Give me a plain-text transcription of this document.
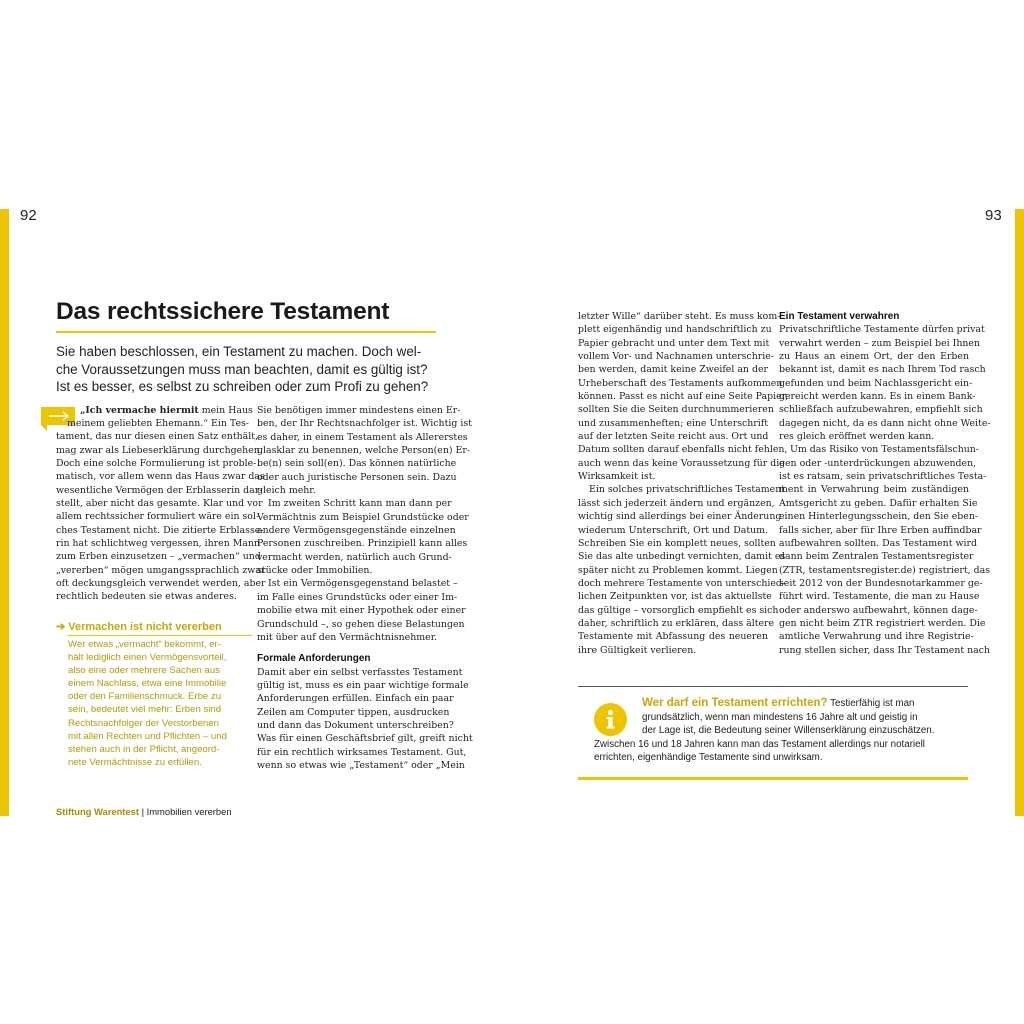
92	93
Das rechtssichere Testament
Sie haben beschlossen, ein Testament zu machen. Doch wel-
che Voraussetzungen muss man beachten, damit es gültig ist?
Ist es besser, es selbst zu schreiben oder zum Profi zu gehen?
„Ich vermache hiermit mein Haus
meinem geliebten Ehemann.“ Ein Tes-
tament, das nur diesen einen Satz enthält,
mag zwar als Liebeserklärung durchgehen.
Doch eine solche Formulierung ist proble-
matisch, vor allem wenn das Haus zwar das
wesentliche Vermögen der Erblasserin dar-
stellt, aber nicht das gesamte. Klar und vor
allem rechtssicher formuliert wäre ein sol-
ches Testament nicht. Die zitierte Erblasse-
rin hat schlichtweg vergessen, ihren Mann
zum Erben einzusetzen – „vermachen“ und
„vererben“ mögen umgangssprachlich zwar
oft deckungsgleich verwendet werden, aber
rechtlich bedeuten sie etwas anderes.
➔ Vermachen ist nicht vererben
Wer etwas „vermacht“ bekommt, er-
hält lediglich einen Vermögensvorteil,
also eine oder mehrere Sachen aus
einem Nachlass, etwa eine Immobilie
oder den Familienschmuck. Erbe zu
sein, bedeutet viel mehr: Erben sind
Rechtsnachfolger der Verstorbenen
mit allen Rechten und Pflichten – und
stehen auch in der Pflicht, angeord-
nete Vermächtnisse zu erfüllen.
Sie benötigen immer mindestens einen Er-
ben, der Ihr Rechtsnachfolger ist. Wichtig ist
es daher, in einem Testament als Allererstes
glasklar zu benennen, welche Person(en) Er-
be(n) sein soll(en). Das können natürliche
oder auch juristische Personen sein. Dazu
gleich mehr.
Im zweiten Schritt kann man dann per
Vermächtnis zum Beispiel Grundstücke oder
andere Vermögensgegenstände einzelnen
Personen zuschreiben. Prinzipiell kann alles
vermacht werden, natürlich auch Grund-
stücke oder Immobilien.
Ist ein Vermögensgegenstand belastet –
im Falle eines Grundstücks oder einer Im-
mobilie etwa mit einer Hypothek oder einer
Grundschuld –, so gehen diese Belastungen
mit über auf den Vermächtnisnehmer.
Formale Anforderungen
Damit aber ein selbst verfasstes Testament
gültig ist, muss es ein paar wichtige formale
Anforderungen erfüllen. Einfach ein paar
Zeilen am Computer tippen, ausdrucken
und dann das Dokument unterschreiben?
Was für einen Geschäftsbrief gilt, greift nicht
für ein rechtlich wirksames Testament. Gut,
wenn so etwas wie „Testament“ oder „Mein
letzter Wille“ darüber steht. Es muss kom-
plett eigenhändig und handschriftlich zu
Papier gebracht und unter dem Text mit
vollem Vor- und Nachnamen unterschrie-
ben werden, damit keine Zweifel an der
Urheberschaft des Testaments aufkommen
können. Passt es nicht auf eine Seite Papier,
sollten Sie die Seiten durchnummerieren
und zusammenheften; eine Unterschrift
auf der letzten Seite reicht aus. Ort und
Datum sollten darauf ebenfalls nicht fehlen,
auch wenn das keine Voraussetzung für die
Wirksamkeit ist.
Ein solches privatschriftliches Testament
lässt sich jederzeit ändern und ergänzen,
wichtig sind allerdings bei einer Änderung
wiederum Unterschrift, Ort und Datum.
Schreiben Sie ein komplett neues, sollten
Sie das alte unbedingt vernichten, damit es
später nicht zu Problemen kommt. Liegen
doch mehrere Testamente von unterschied-
lichen Zeitpunkten vor, ist das aktuellste
das gültige – vorsorglich empfiehlt es sich
daher, schriftlich zu erklären, dass ältere
Testamente mit Abfassung des neueren
ihre Gültigkeit verlieren.
Ein Testament verwahren
Privatschriftliche Testamente dürfen privat
verwahrt werden – zum Beispiel bei Ihnen
zu Haus an einem Ort, der den Erben
bekannt ist, damit es nach Ihrem Tod rasch
gefunden und beim Nachlassgericht ein-
gereicht werden kann. Es in einem Bank-
schließfach aufzubewahren, empfiehlt sich
dagegen nicht, da es dann nicht ohne Weite-
res gleich eröffnet werden kann.
Um das Risiko von Testamentsfälschun-
gen oder -unterdrückungen abzuwenden,
ist es ratsam, sein privatschriftliches Testa-
ment in Verwahrung beim zuständigen
Amtsgericht zu geben. Dafür erhalten Sie
einen Hinterlegungsschein, den Sie eben-
falls sicher, aber für Ihre Erben auffindbar
aufbewahren sollten. Das Testament wird
dann beim Zentralen Testamentsregister
(ZTR, testamentsregister.de) registriert, das
seit 2012 von der Bundesnotarkammer ge-
führt wird. Testamente, die man zu Hause
oder anderswo aufbewahrt, können dage-
gen nicht beim ZTR registriert werden. Die
amtliche Verwahrung und ihre Registrie-
rung stellen sicher, dass Ihr Testament nach
Wer darf ein Testament errichten? Testierfähig ist man
grundsätzlich, wenn man mindestens 16 Jahre alt und geistig in
der Lage ist, die Bedeutung seiner Willenserklärung einzuschätzen.
Zwischen 16 und 18 Jahren kann man das Testament allerdings nur notariell
errichten, eigenhändige Testamente sind unwirksam.
Stiftung Warentest | Immobilien vererben
